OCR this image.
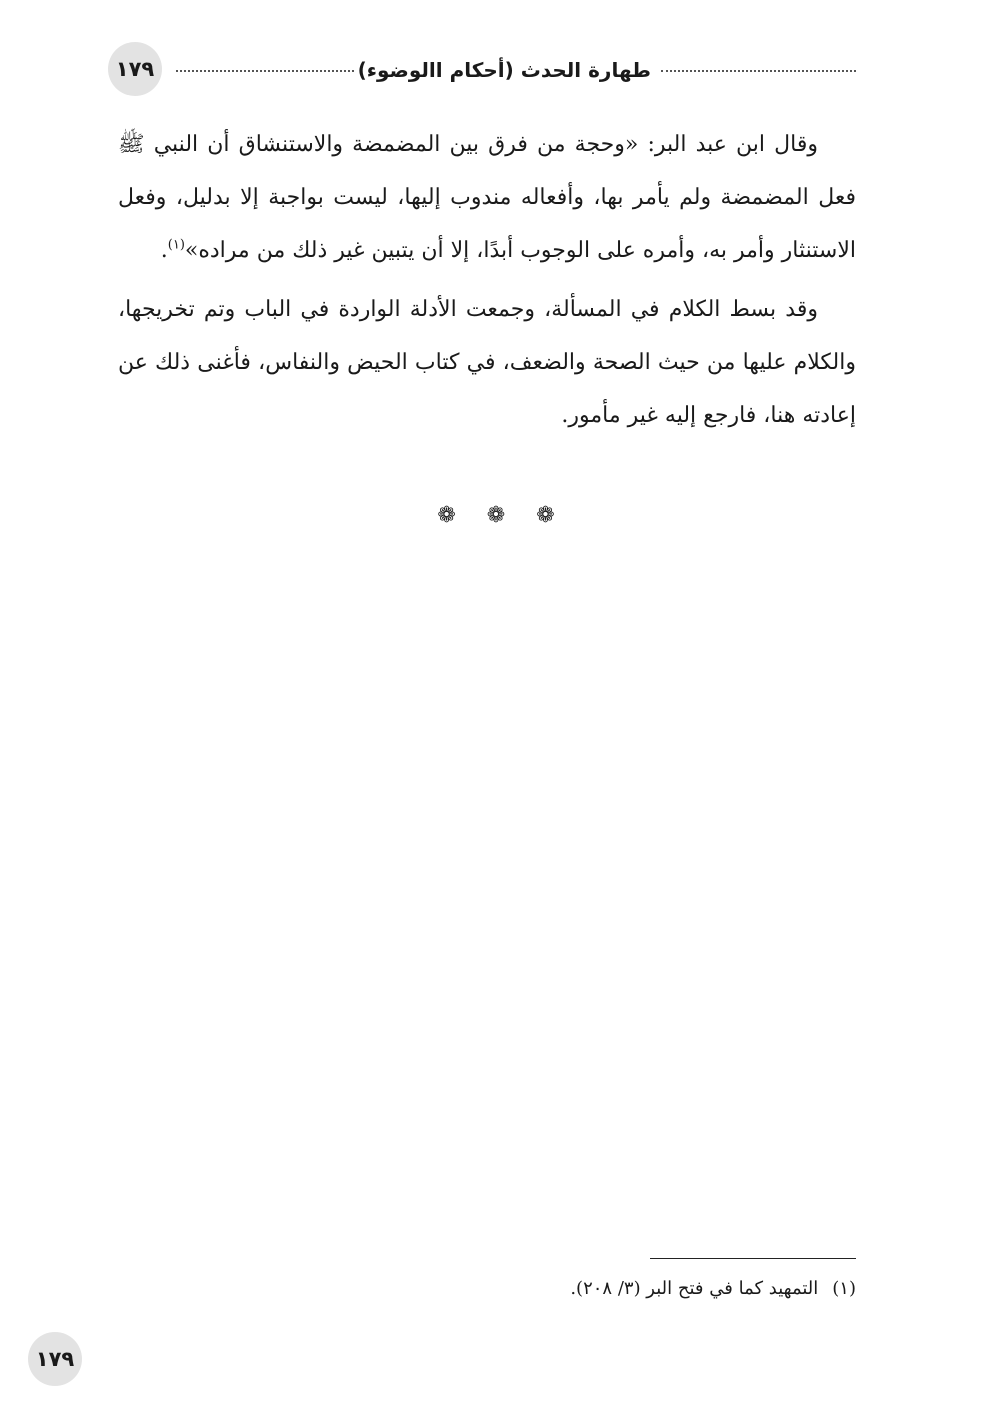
طهارة الحدث (أحكام االوضوء)
١٧٩

وقال ابن عبد البر: «وحجة من فرق بين المضمضة والاستنشاق أن النبي ﷺ فعل المضمضة ولم يأمر بها، وأفعاله مندوب إليها، ليست بواجبة إلا بدليل، وفعل الاستنثار وأمر به، وأمره على الوجوب أبدًا، إلا أن يتبين غير ذلك من مراده»$^{(١)}$.

وقد بسط الكلام في المسألة، وجمعت الأدلة الواردة في الباب وتم تخريجها، والكلام عليها من حيث الصحة والضعف، في كتاب الحيض والنفاس، فأغنى ذلك عن إعادته هنا، فارجع إليه غير مأمور.

❁ ❁ ❁
(١)التمهيد كما في فتح البر (٣/ ٢٠٨).
١٧٩
